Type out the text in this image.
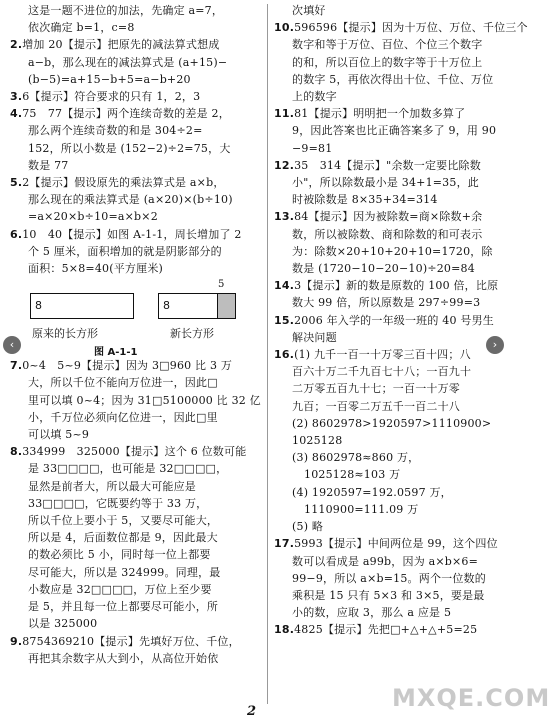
这是一题不进位的加法，先确定 a=7，
依次确定 b=1，c=8
2.增加 20【提示】把原先的减法算式想成
a−b，那么现在的减法算式是 (a+15)−
(b−5)=a+15−b+5=a−b+20
3.6【提示】符合要求的只有 1，2，3
4.75　77【提示】两个连续奇数的差是 2，
那么两个连续奇数的和是 304÷2=
152，所以小数是 (152−2)÷2=75，大
数是 77
5.2【提示】假设原先的乘法算式是 a×b，
那么现在的乘法算式是 (a×20)×(b÷10)
=a×20×b÷10=a×b×2
6.10　40【提示】如图 A-1-1，周长增加了 2
个 5 厘米，面积增加的就是阴影部分的
面积：5×8=40(平方厘米)
8
5
8
原来的长方形	新长方形
图 A-1-1
7.0~4　5~9【提示】因为 3□960 比 3 万
大，所以千位不能向万位进一，因此□
里可以填 0~4；因为 31□5100000 比 32 亿
小，千万位必须向亿位进一，因此□里
可以填 5~9
8.334999　325000【提示】这个 6 位数可能
是 33□□□□，也可能是 32□□□□，
显然是前者大，所以最大可能应是
33□□□□，它既要约等于 33 万，
所以千位上要小于 5，又要尽可能大，
所以是 4，后面数位都是 9，因此最大
的数必须比 5 小，同时每一位上都要
尽可能大，所以是 324999。同理，最
小数应是 32□□□□，万位上至少要
是 5，并且每一位上都要尽可能小，所
以是 325000
9.8754369210【提示】先填好万位、千位，
再把其余数字从大到小，从高位开始依
次填好
10.596596【提示】因为十万位、万位、千位三个
数字和等于万位、百位、个位三个数字
的和，所以百位上的数字等于十万位上
的数字 5，再依次得出十位、千位、万位
上的数字
11.81【提示】明明把一个加数多算了
9，因此答案也比正确答案多了 9，用 90
−9=81
12.35　314【提示】"余数一定要比除数
小"，所以除数最小是 34+1=35，此
时被除数是 8×35+34=314
13.84【提示】因为被除数=商×除数+余
数，所以被除数、商和除数的和可表示
为：除数×20+10+20+10=1720，除
数是 (1720−10−20−10)÷20=84
14.3【提示】新的数是原数的 100 倍，比原
数大 99 倍，所以原数是 297÷99=3
15.2006 年入学的一年级一班的 40 号男生
解决问题
16.(1) 九千一百一十万零三百十四；八
百六十万二千九百七十八；一百九十
二万零五百九十七；一百一十万零
九百；一百零二万五千一百二十八
(2) 8602978>1920597>1110900>
1025128
(3) 8602978≈860 万，
1025128≈103 万
(4) 1920597=192.0597 万，
1110900=111.09 万
(5) 略
17.5993【提示】中间两位是 99，这个四位
数可以看成是 a99b，因为 a×b×6=
99−9，所以 a×b=15。两个一位数的
乘积是 15 只有 5×3 和 3×5，要是最
小的数，应取 3，那么 a 应是 5
18.4825【提示】先把□+△+△+5=25
2	MXQE.COM
‹	›
